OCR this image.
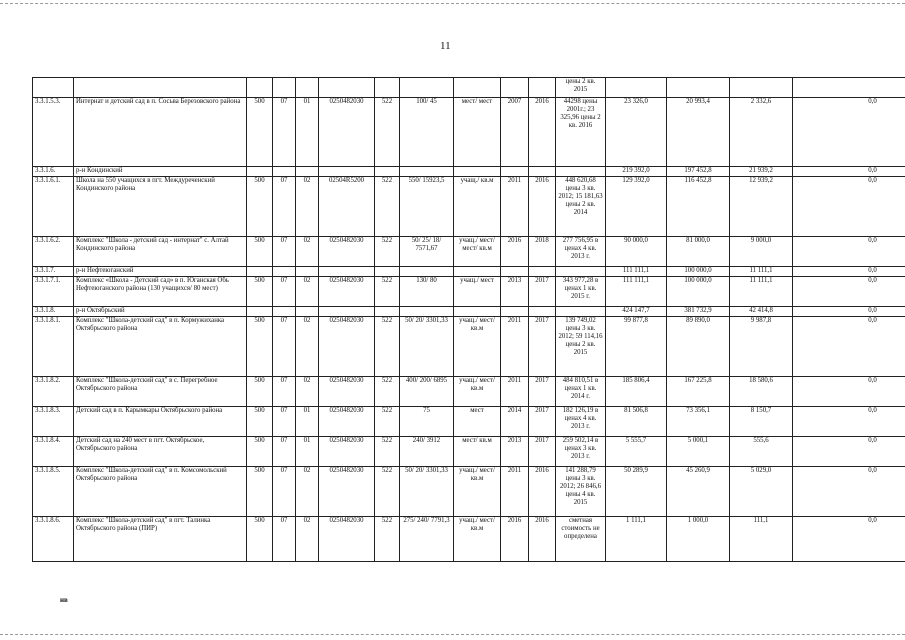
11
											цены 2 кв. 2015				
3.3.1.5.3.	Интернат и детский сад в п. Сосьва Березовского района	500	07	01	0250482030	522	100/ 45	мест/ мест	2007	2016	44298 цены 2001г.; 23 325,96 цены 2 кв. 2016	23 326,0	20 993,4	2 332,6	0,0
3.3.1.6.	р-н Кондинский											219 392,0	197 452,8	21 939,2	0,0
3.3.1.6.1.	Школа на 550 учащихся в пгт. Междуреченский Кондинского района	500	07	02	02504R5200	522	550/ 15923,5	учащ./ кв.м	2011	2016	448 620,68 цены 3 кв. 2012; 15 181,63 цены 2 кв. 2014	129 392,0	116 452,8	12 939,2	0,0
3.3.1.6.2.	Комплекс "Школа - детский сад - интернат" с. Алтай Кондинского района	500	07	02	0250482030	522	50/ 25/ 18/ 7571,67	учащ./ мест/ мест/ кв.м	2016	2018	277 756,95 в ценах 4 кв. 2013 г.	90 000,0	81 000,0	9 000,0	0,0
3.3.1.7.	р-н Нефтеюганский											111 111,1	100 000,0	11 111,1	0,0
3.3.1.7.1.	Комплекс «Школа - Детский сад» в п. Юганская Обь Нефтеюганского района (130 учащихся/ 80 мест)	500	07	02	0250482030	522	130/ 80	учащ./ мест	2013	2017	343 977,28 в ценах 1 кв. 2015 г.	111 111,1	100 000,0	11 111,1	0,0
3.3.1.8.	р-н Октябрьский											424 147,7	381 732,9	42 414,8	0,0
3.3.1.8.1.	Комплекс "Школа-детский сад" в п. Кормужиханка Октябрьского района	500	07	02	0250482030	522	50/ 20/ 3301,33	учащ./ мест/ кв.м	2011	2017	139 749,02 цены 3 кв. 2012; 59 114,16 цены 2 кв. 2015	99 877,8	89 890,0	9 987,8	0,0
3.3.1.8.2.	Комплекс "Школа-детский сад" в с. Перегребное Октябрьского района	500	07	02	0250482030	522	400/ 200/ 6895	учащ./ мест/ кв.м	2011	2017	484 810,51 в ценах 1 кв. 2014 г.	185 806,4	167 225,8	18 580,6	0,0
3.3.1.8.3.	Детский сад в п. Карымкары Октябрьского района	500	07	01	0250482030	522	75	мест	2014	2017	182 126,19 в ценах 4 кв. 2013 г.	81 506,8	73 356,1	8 150,7	0,0
3.3.1.8.4.	Детский сад на 240 мест в пгт. Октябрьское, Октябрьского района	500	07	01	0250482030	522	240/ 3912	мест/ кв.м	2013	2017	259 502,14 в ценах 3 кв. 2013 г.	5 555,7	5 000,1	555,6	0,0
3.3.1.8.5.	Комплекс "Школа-детский сад" в п. Комсомольский Октябрьского района	500	07	02	0250482030	522	50/ 20/ 3301,33	учащ./ мест/ кв.м	2011	2016	141 288,79 цены 3 кв. 2012; 26 846,6 цены 4 кв. 2015	50 289,9	45 260,9	5 029,0	0,0
3.3.1.8.6.	Комплекс "Школа-детский сад" в пгт. Талинка Октябрьского района (ПИР)	500	07	02	0250482030	522	275/ 240/ 7791,3	учащ./ мест/ кв.м	2016	2016	сметная стоимость не определена	1 111,1	1 000,0	111,1	0,0
нв
